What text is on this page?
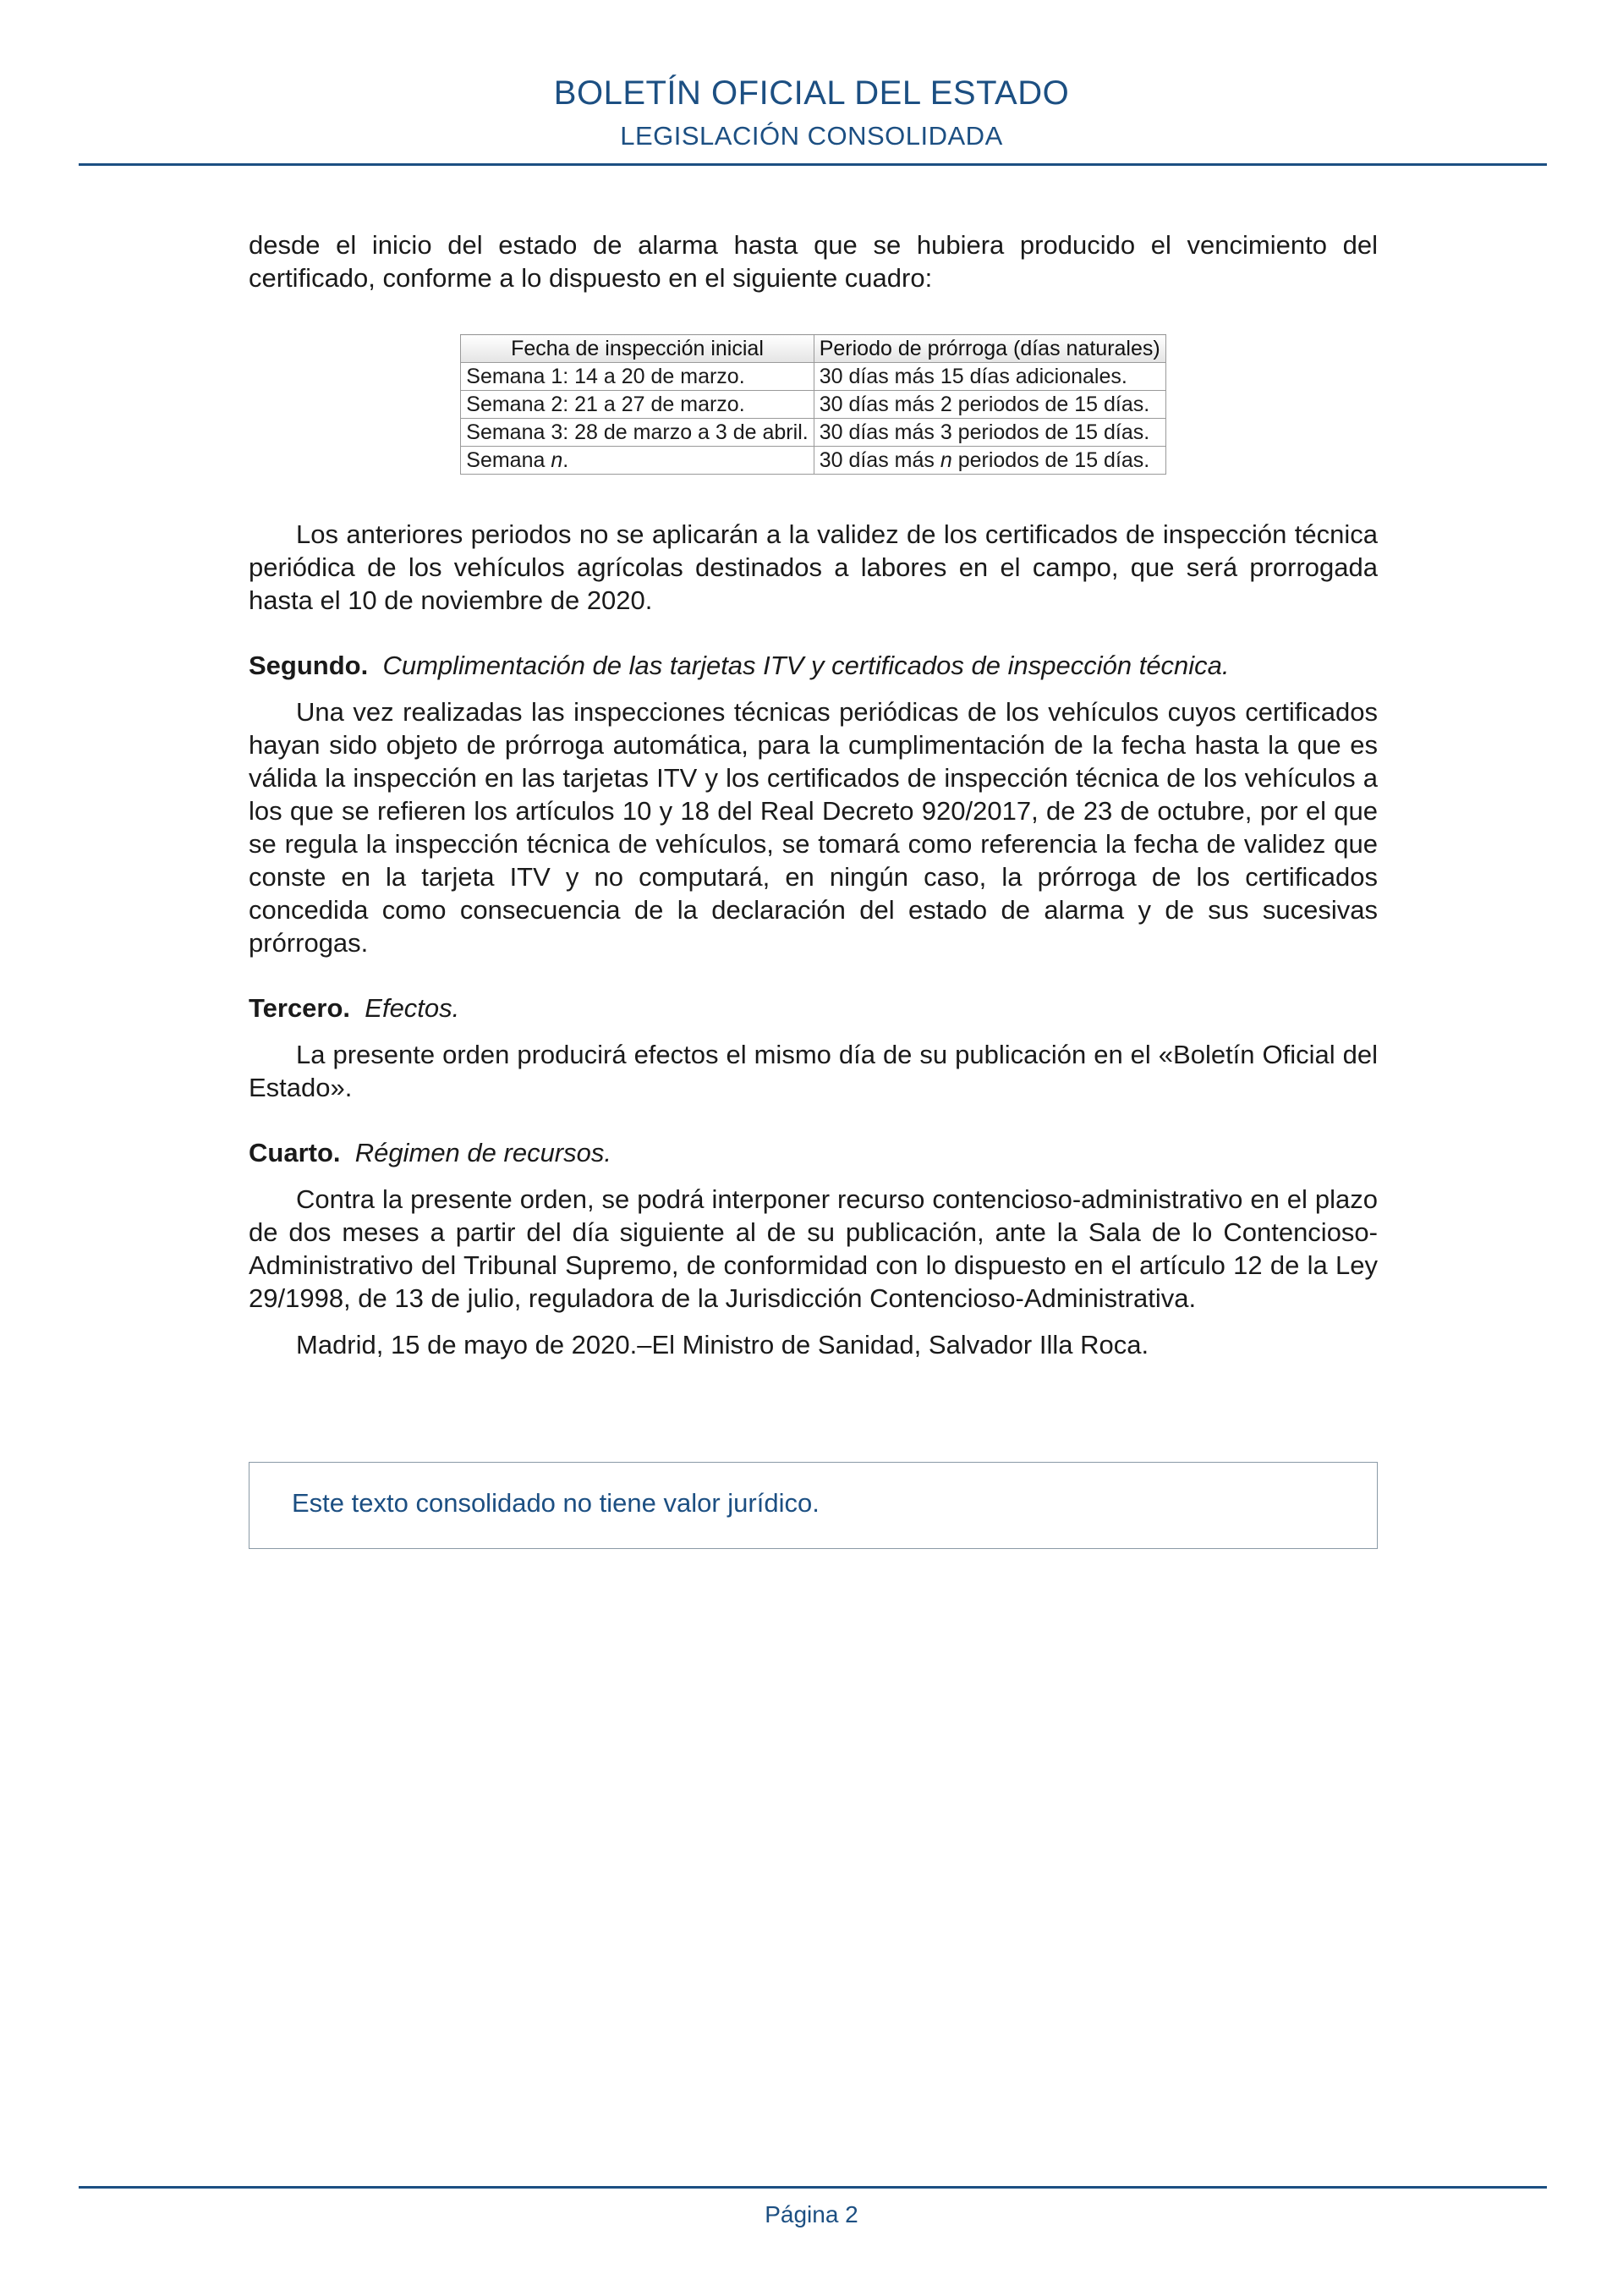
BOLETÍN OFICIAL DEL ESTADO
LEGISLACIÓN CONSOLIDADA

desde el inicio del estado de alarma hasta que se hubiera producido el vencimiento del certificado, conforme a lo dispuesto en el siguiente cuadro:

Fecha de inspección inicial	Periodo de prórroga (días naturales)
Semana 1: 14 a 20 de marzo.	30 días más 15 días adicionales.
Semana 2: 21 a 27 de marzo.	30 días más 2 periodos de 15 días.
Semana 3: 28 de marzo a 3 de abril.	30 días más 3 periodos de 15 días.
Semana n.	30 días más n periodos de 15 días.

Los anteriores periodos no se aplicarán a la validez de los certificados de inspección técnica periódica de los vehículos agrícolas destinados a labores en el campo, que será prorrogada hasta el 10 de noviembre de 2020.

Segundo. Cumplimentación de las tarjetas ITV y certificados de inspección técnica.

Una vez realizadas las inspecciones técnicas periódicas de los vehículos cuyos certificados hayan sido objeto de prórroga automática, para la cumplimentación de la fecha hasta la que es válida la inspección en las tarjetas ITV y los certificados de inspección técnica de los vehículos a los que se refieren los artículos 10 y 18 del Real Decreto 920/2017, de 23 de octubre, por el que se regula la inspección técnica de vehículos, se tomará como referencia la fecha de validez que conste en la tarjeta ITV y no computará, en ningún caso, la prórroga de los certificados concedida como consecuencia de la declaración del estado de alarma y de sus sucesivas prórrogas.

Tercero. Efectos.

La presente orden producirá efectos el mismo día de su publicación en el «Boletín Oficial del Estado».

Cuarto. Régimen de recursos.

Contra la presente orden, se podrá interponer recurso contencioso-administrativo en el plazo de dos meses a partir del día siguiente al de su publicación, ante la Sala de lo Contencioso-Administrativo del Tribunal Supremo, de conformidad con lo dispuesto en el artículo 12 de la Ley 29/1998, de 13 de julio, reguladora de la Jurisdicción Contencioso-Administrativa.

Madrid, 15 de mayo de 2020.–El Ministro de Sanidad, Salvador Illa Roca.

Este texto consolidado no tiene valor jurídico.
Página 2
